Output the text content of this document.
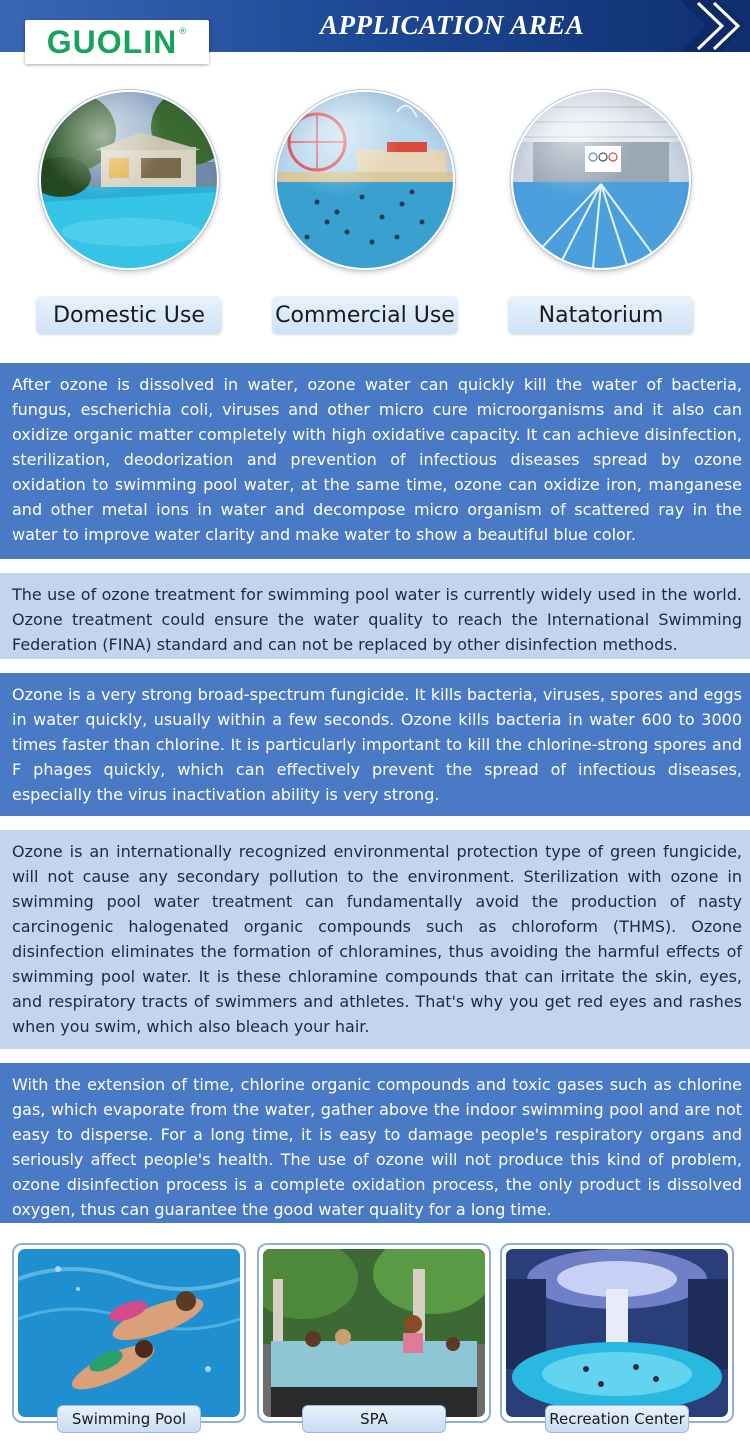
GUOLIN ®	APPLICATION AREA
Domestic Use	Commercial Use	Natatorium
After ozone is dissolved in water, ozone water can quickly kill the water of bacteria, fungus, escherichia coli, viruses and other micro cure microorganisms and it also can oxidize organic matter completely with high oxidative capacity. It can achieve disinfection, sterilization, deodorization and prevention of infectious diseases spread by ozone oxidation to swimming pool water, at the same time, ozone can oxidize iron, manganese and other metal ions in water and decompose micro organism of scattered ray in the water to improve water clarity and make water to show a beautiful blue color.
The use of ozone treatment for swimming pool water is currently widely used in the world. Ozone treatment could ensure the water quality to reach the International Swimming Federation (FINA) standard and can not be replaced by other disinfection methods.
Ozone is a very strong broad-spectrum fungicide. It kills bacteria, viruses, spores and eggs in water quickly, usually within a few seconds. Ozone kills bacteria in water 600 to 3000 times faster than chlorine. It is particularly important to kill the chlorine-strong spores and F phages quickly, which can effectively prevent the spread of infectious diseases, especially the virus inactivation ability is very strong.
Ozone is an internationally recognized environmental protection type of green fungicide, will not cause any secondary pollution to the environment. Sterilization with ozone in swimming pool water treatment can fundamentally avoid the production of nasty carcinogenic halogenated organic compounds such as chloroform (THMS). Ozone disinfection eliminates the formation of chloramines, thus avoiding the harmful effects of swimming pool water. It is these chloramine compounds that can irritate the skin, eyes, and respiratory tracts of swimmers and athletes. That's why you get red eyes and rashes when you swim, which also bleach your hair.
With the extension of time, chlorine organic compounds and toxic gases such as chlorine gas, which evaporate from the water, gather above the indoor swimming pool and are not easy to disperse. For a long time, it is easy to damage people's respiratory organs and seriously affect people's health. The use of ozone will not produce this kind of problem, ozone disinfection process is a complete oxidation process, the only product is dissolved oxygen, thus can guarantee the good water quality for a long time.
Swimming Pool	SPA	Recreation Center
